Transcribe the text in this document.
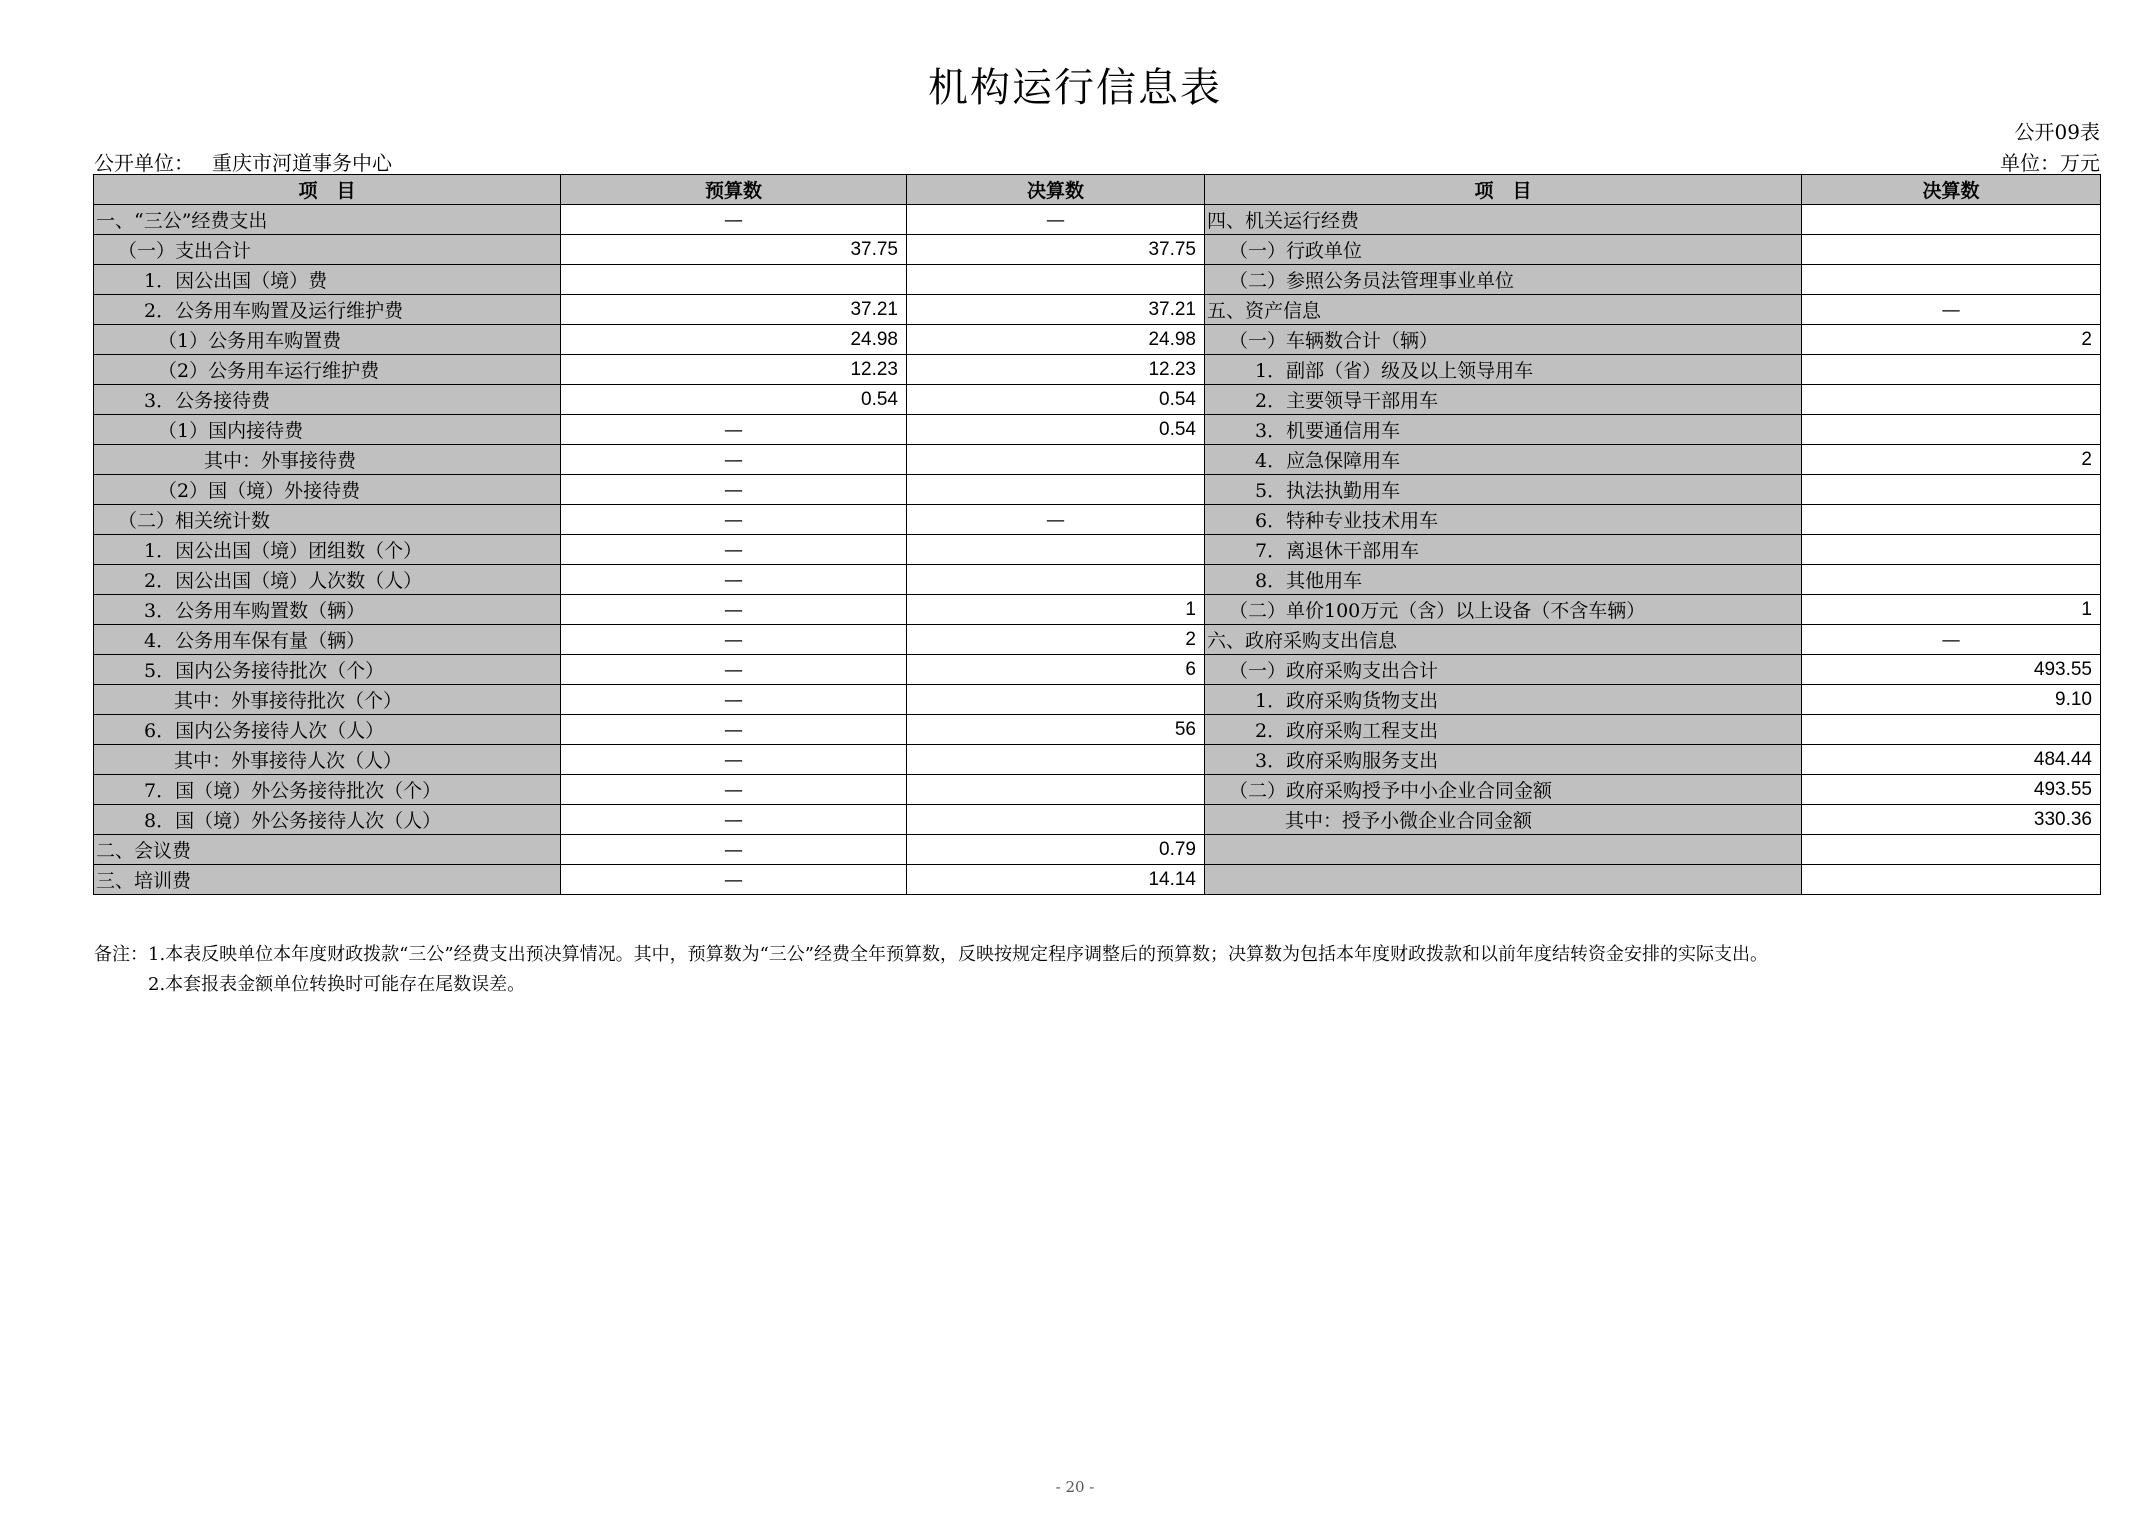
机构运行信息表
公开09表
公开单位： 重庆市河道事务中心	单位：万元
项　目	预算数	决算数	项　目	决算数
一、“三公”经费支出	—	—	四、机关运行经费	
（一）支出合计	37.75	37.75	（一）行政单位	
1．因公出国（境）费			（二）参照公务员法管理事业单位	
2．公务用车购置及运行维护费	37.21	37.21	五、资产信息	—
（1）公务用车购置费	24.98	24.98	（一）车辆数合计（辆）	2
（2）公务用车运行维护费	12.23	12.23	1．副部（省）级及以上领导用车	
3．公务接待费	0.54	0.54	2．主要领导干部用车	
（1）国内接待费	—	0.54	3．机要通信用车	
其中：外事接待费	—		4．应急保障用车	2
（2）国（境）外接待费	—		5．执法执勤用车	
（二）相关统计数	—	—	6．特种专业技术用车	
1．因公出国（境）团组数（个）	—		7．离退休干部用车	
2．因公出国（境）人次数（人）	—		8．其他用车	
3．公务用车购置数（辆）	—	1	（二）单价100万元（含）以上设备（不含车辆）	1
4．公务用车保有量（辆）	—	2	六、政府采购支出信息	—
5．国内公务接待批次（个）	—	6	（一）政府采购支出合计	493.55
其中：外事接待批次（个）	—		1．政府采购货物支出	9.10
6．国内公务接待人次（人）	—	56	2．政府采购工程支出	
其中：外事接待人次（人）	—		3．政府采购服务支出	484.44
7．国（境）外公务接待批次（个）	—		（二）政府采购授予中小企业合同金额	493.55
8．国（境）外公务接待人次（人）	—		其中：授予小微企业合同金额	330.36
二、会议费	—	0.79		
三、培训费	—	14.14		
备注：1.本表反映单位本年度财政拨款“三公”经费支出预决算情况。其中，预算数为“三公”经费全年预算数，反映按规定程序调整后的预算数；决算数为包括本年度财政拨款和以前年度结转资金安排的实际支出。
2.本套报表金额单位转换时可能存在尾数误差。
- 20 -
